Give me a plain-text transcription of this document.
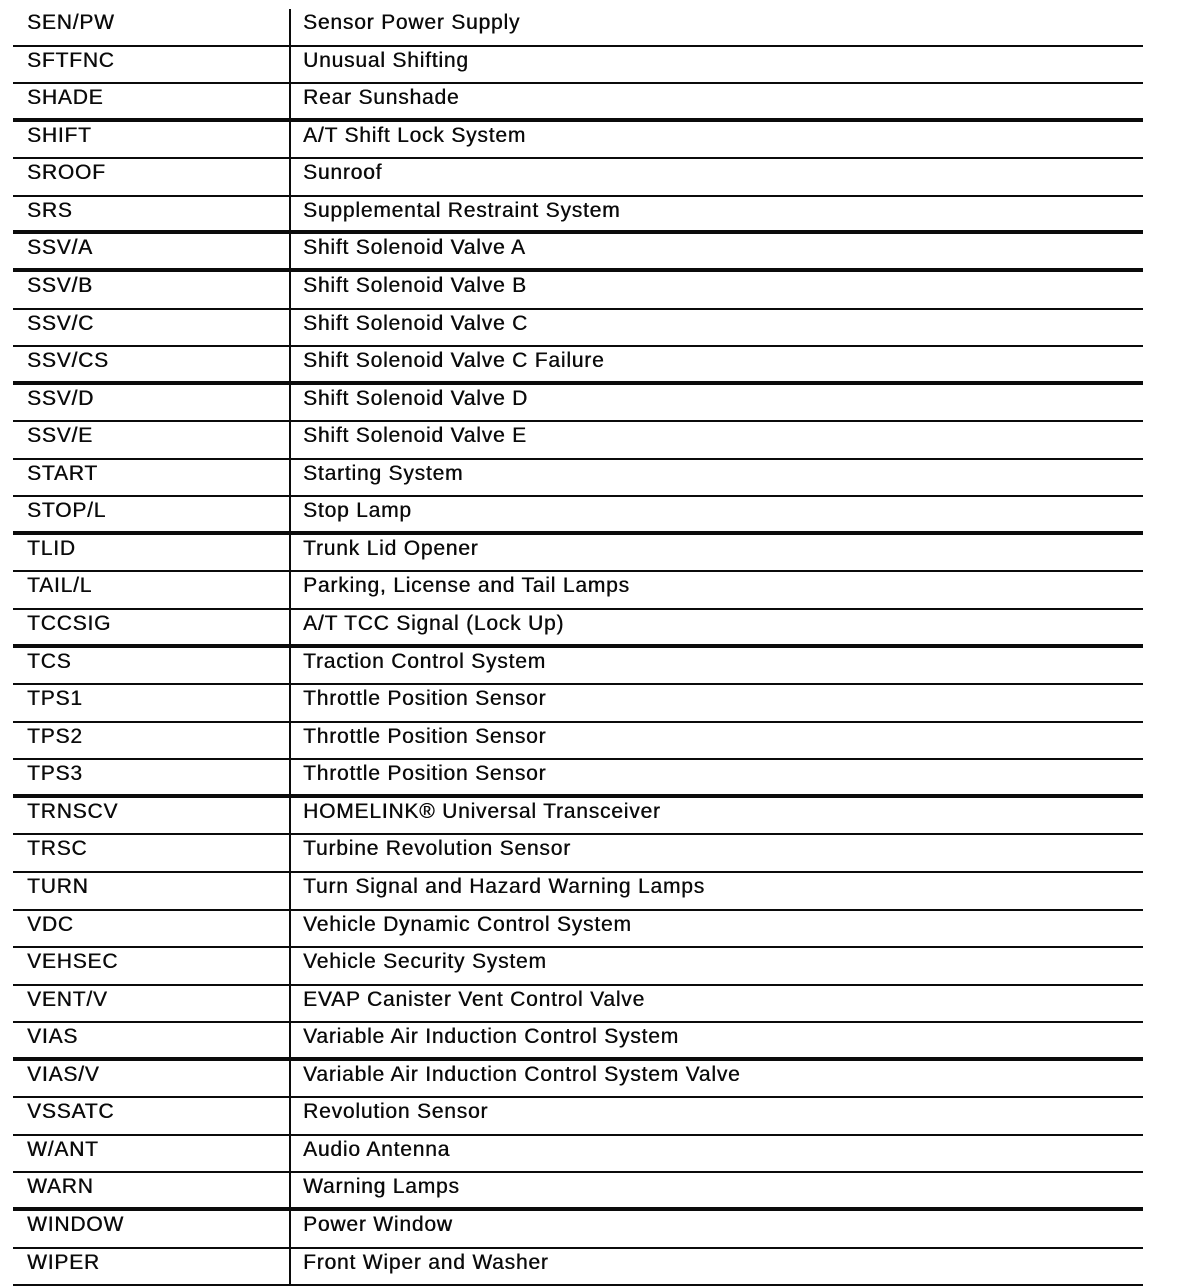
SEN/PW	Sensor Power Supply
SFTFNC	Unusual Shifting
SHADE	Rear Sunshade
SHIFT	A/T Shift Lock System
SROOF	Sunroof
SRS	Supplemental Restraint System
SSV/A	Shift Solenoid Valve A
SSV/B	Shift Solenoid Valve B
SSV/C	Shift Solenoid Valve C
SSV/CS	Shift Solenoid Valve C Failure
SSV/D	Shift Solenoid Valve D
SSV/E	Shift Solenoid Valve E
START	Starting System
STOP/L	Stop Lamp
TLID	Trunk Lid Opener
TAIL/L	Parking, License and Tail Lamps
TCCSIG	A/T TCC Signal (Lock Up)
TCS	Traction Control System
TPS1	Throttle Position Sensor
TPS2	Throttle Position Sensor
TPS3	Throttle Position Sensor
TRNSCV	HOMELINK® Universal Transceiver
TRSC	Turbine Revolution Sensor
TURN	Turn Signal and Hazard Warning Lamps
VDC	Vehicle Dynamic Control System
VEHSEC	Vehicle Security System
VENT/V	EVAP Canister Vent Control Valve
VIAS	Variable Air Induction Control System
VIAS/V	Variable Air Induction Control System Valve
VSSATC	Revolution Sensor
W/ANT	Audio Antenna
WARN	Warning Lamps
WINDOW	Power Window
WIPER	Front Wiper and Washer
